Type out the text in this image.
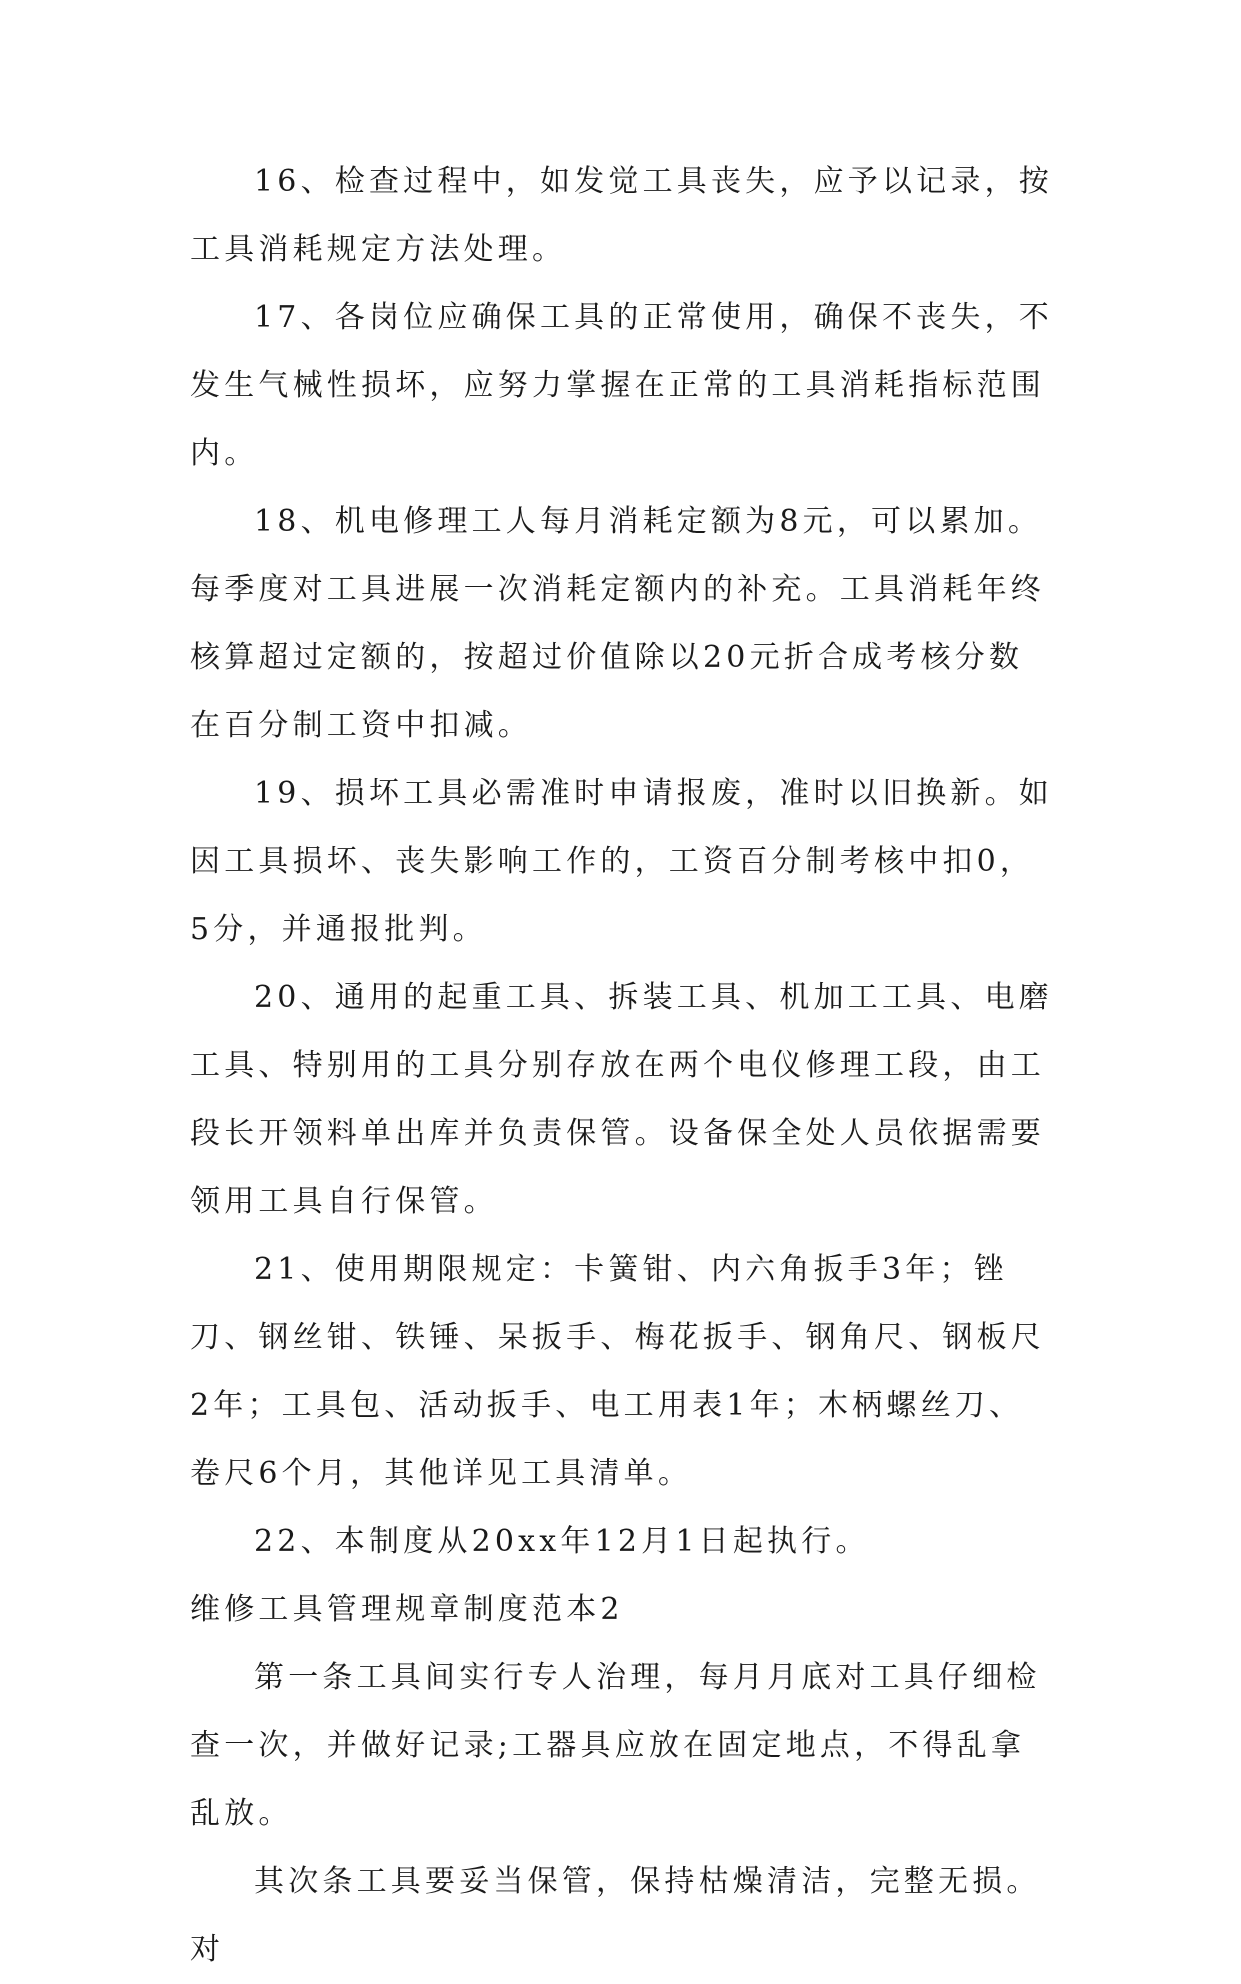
16、检查过程中，如发觉工具丧失，应予以记录，按工具消耗规定方法处理。

17、各岗位应确保工具的正常使用，确保不丧失，不发生气械性损坏，应努力掌握在正常的工具消耗指标范围内。

18、机电修理工人每月消耗定额为8元，可以累加。每季度对工具进展一次消耗定额内的补充。工具消耗年终核算超过定额的，按超过价值除以20元折合成考核分数在百分制工资中扣减。

19、损坏工具必需准时申请报废，准时以旧换新。如因工具损坏、丧失影响工作的，工资百分制考核中扣0，5分，并通报批判。

20、通用的起重工具、拆装工具、机加工工具、电磨工具、特别用的工具分别存放在两个电仪修理工段，由工段长开领料单出库并负责保管。设备保全处人员依据需要领用工具自行保管。

21、使用期限规定：卡簧钳、内六角扳手3年；锉刀、钢丝钳、铁锤、呆扳手、梅花扳手、钢角尺、钢板尺2年；工具包、活动扳手、电工用表1年；木柄螺丝刀、卷尺6个月，其他详见工具清单。

22、本制度从20xx年12月1日起执行。

维修工具管理规章制度范本2

第一条工具间实行专人治理，每月月底对工具仔细检查一次，并做好记录;工器具应放在固定地点，不得乱拿乱放。

其次条工具要妥当保管，保持枯燥清洁，完整无损。对
